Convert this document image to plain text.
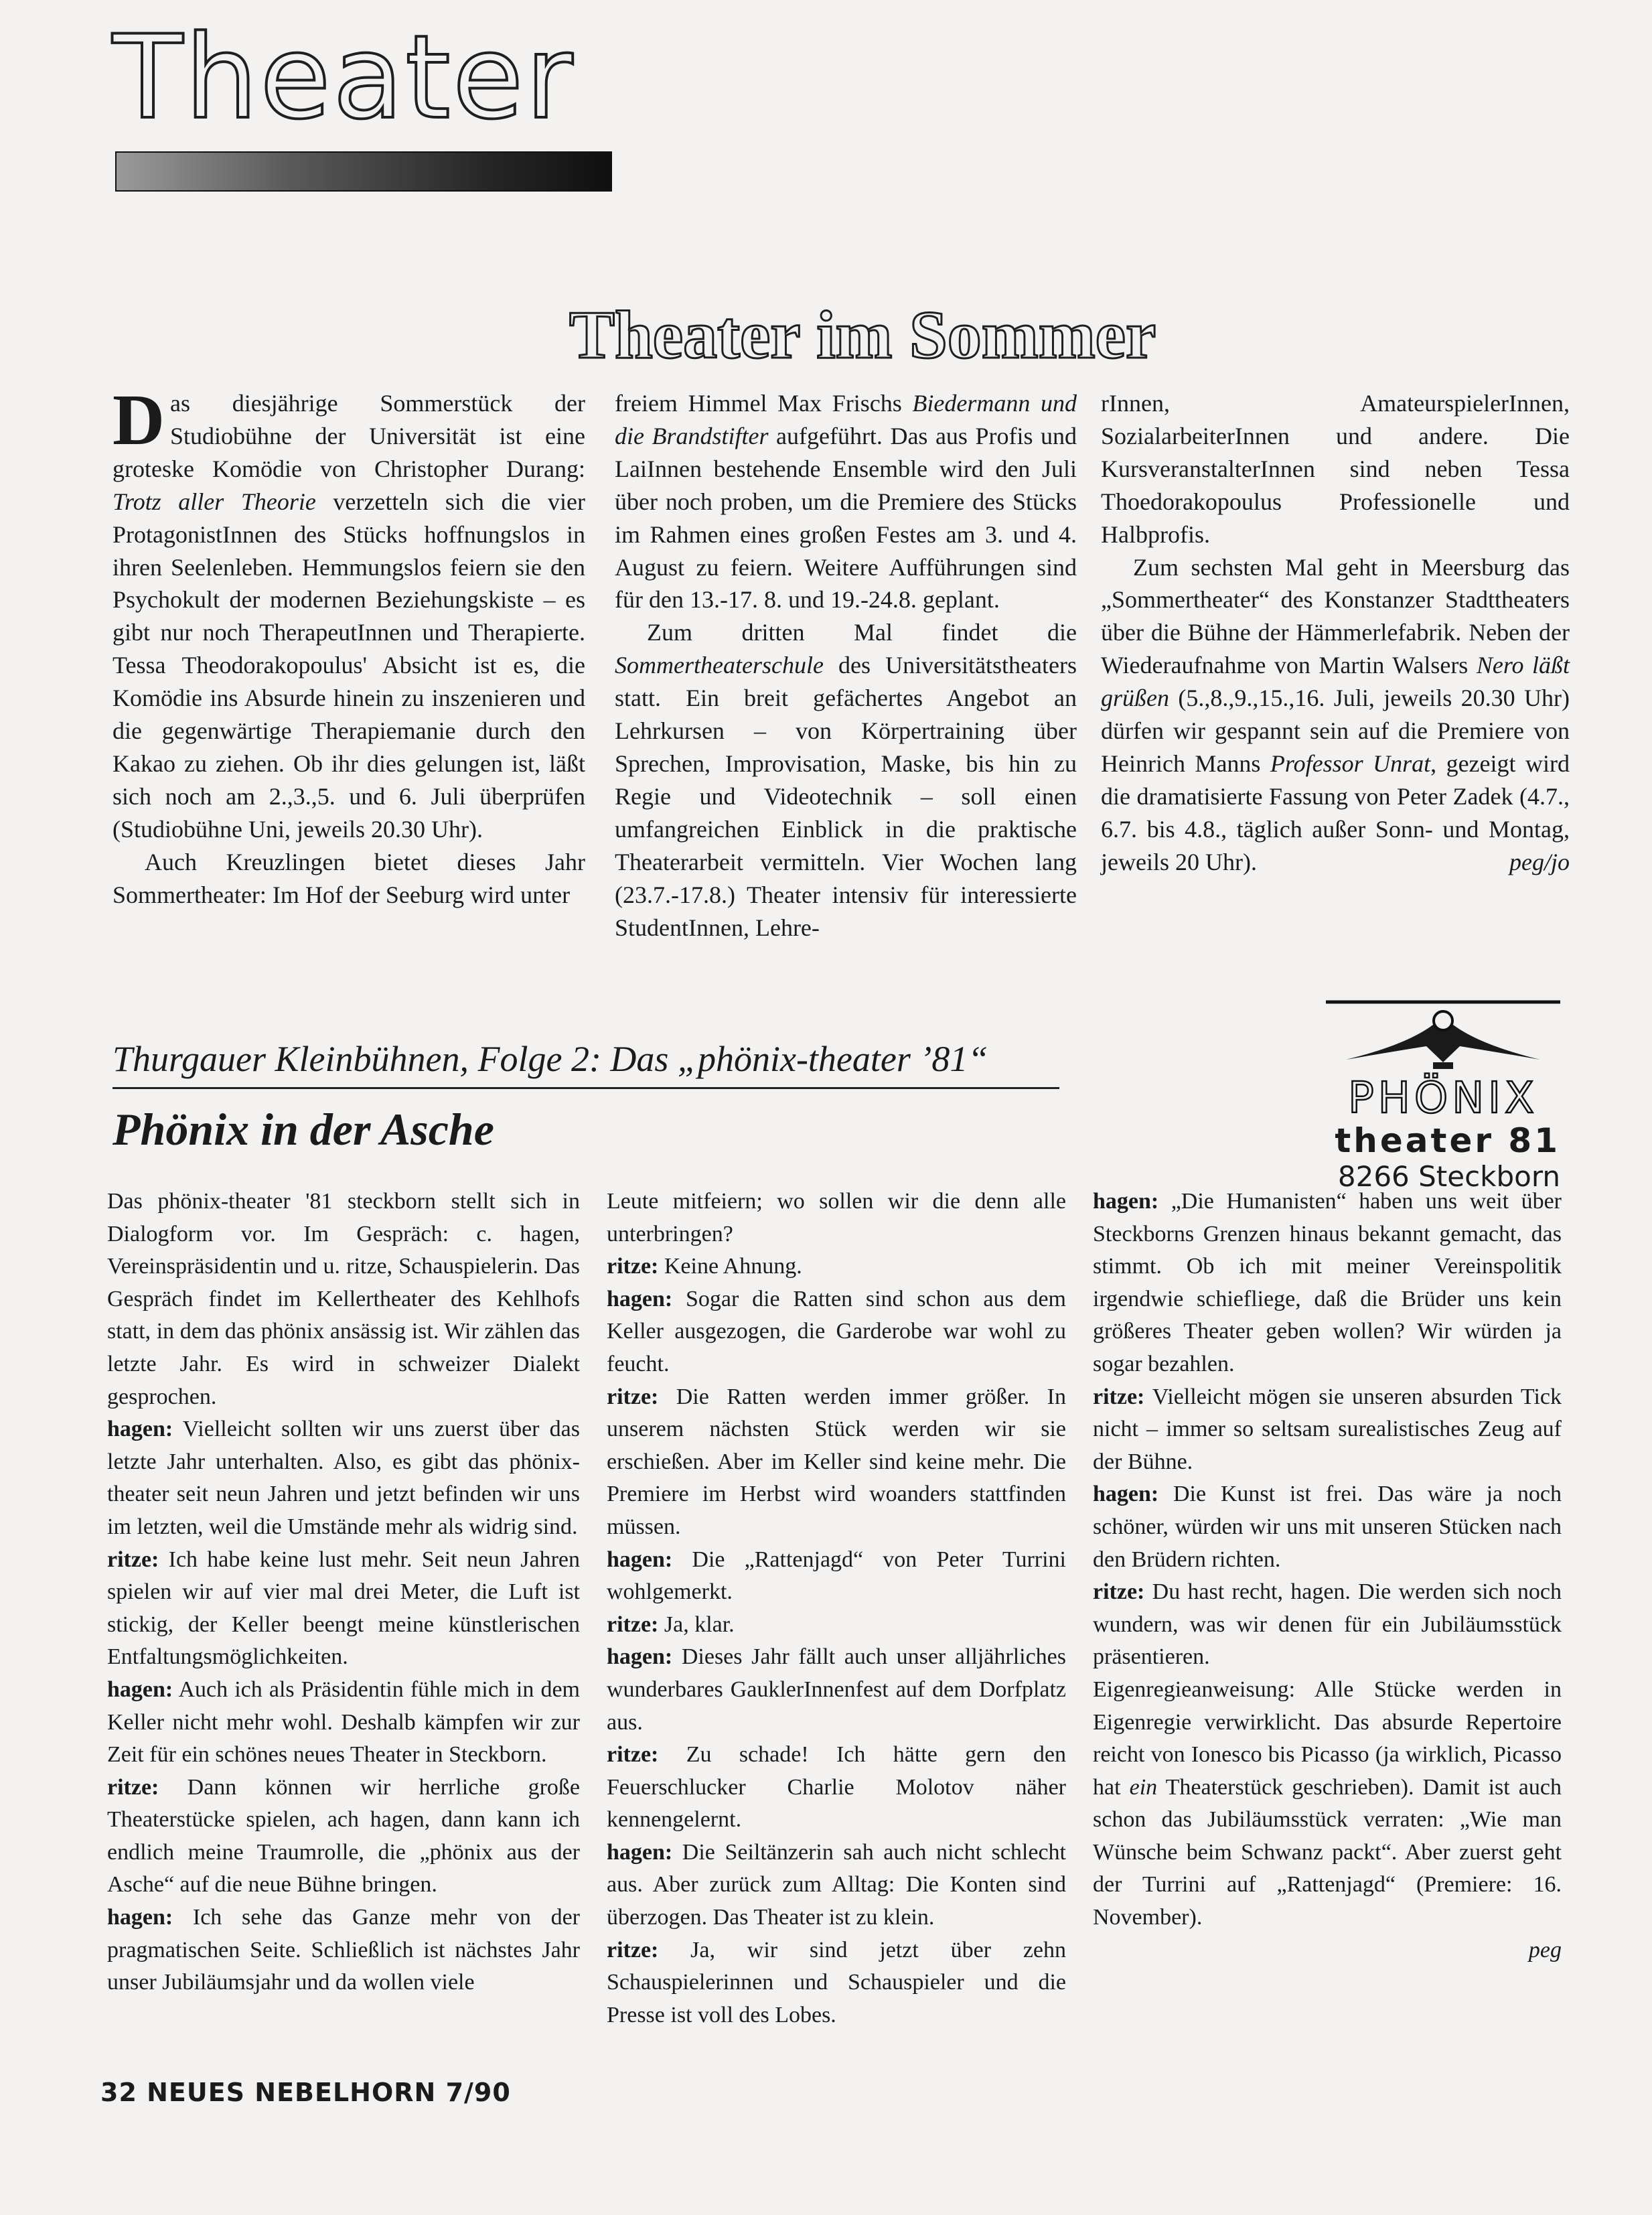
Theater
Theater im Sommer

Das diesjährige Sommerstück der Studiobühne der Universität ist eine groteske Komödie von Christopher Durang: Trotz aller Theorie verzetteln sich die vier ProtagonistInnen des Stücks hoffnungslos in ihren Seelenleben. Hemmungslos feiern sie den Psychokult der modernen Beziehungskiste – es gibt nur noch TherapeutInnen und Therapierte. Tessa Theodorakopoulus' Absicht ist es, die Komödie ins Absurde hinein zu inszenieren und die gegenwärtige Therapiemanie durch den Kakao zu ziehen. Ob ihr dies gelungen ist, läßt sich noch am 2.,3.,5. und 6. Juli überprüfen (Studiobühne Uni, jeweils 20.30 Uhr).

Auch Kreuzlingen bietet dieses Jahr Sommertheater: Im Hof der Seeburg wird unter

freiem Himmel Max Frischs Biedermann und die Brandstifter aufgeführt. Das aus Profis und LaiInnen bestehende Ensemble wird den Juli über noch proben, um die Premiere des Stücks im Rahmen eines großen Festes am 3. und 4. August zu feiern. Weitere Aufführungen sind für den 13.-17. 8. und 19.-24.8. geplant.

Zum dritten Mal findet die Sommertheaterschule des Universitätstheaters statt. Ein breit gefächertes Angebot an Lehrkursen – von Körpertraining über Sprechen, Improvisation, Maske, bis hin zu Regie und Videotechnik – soll einen umfangreichen Einblick in die praktische Theaterarbeit vermitteln. Vier Wochen lang (23.7.-17.8.) Theater intensiv für interessierte StudentInnen, Lehre-

rInnen, AmateurspielerInnen, SozialarbeiterInnen und andere. Die KursveranstalterInnen sind neben Tessa Thoedorakopoulus Professionelle und Halbprofis.

Zum sechsten Mal geht in Meersburg das „Sommertheater“ des Konstanzer Stadttheaters über die Bühne der Hämmerlefabrik. Neben der Wiederaufnahme von Martin Walsers Nero läßt grüßen (5.,8.,9.,15.,16. Juli, jeweils 20.30 Uhr) dürfen wir gespannt sein auf die Premiere von Heinrich Manns Professor Unrat, gezeigt wird die dramatisierte Fassung von Peter Zadek (4.7., 6.7. bis 4.8., täglich außer Sonn- und Montag, jeweils 20 Uhr).	peg/jo
Thurgauer Kleinbühnen, Folge 2: Das „phönix-theater ’81“
Phönix in der Asche
PHÖNIX
theater 81
8266 Steckborn

Das phönix-theater '81 steckborn stellt sich in Dialogform vor. Im Gespräch: c. hagen, Vereinspräsidentin und u. ritze, Schauspielerin. Das Gespräch findet im Kellertheater des Kehlhofs statt, in dem das phönix ansässig ist. Wir zählen das letzte Jahr. Es wird in schweizer Dialekt gesprochen.

hagen: Vielleicht sollten wir uns zuerst über das letzte Jahr unterhalten. Also, es gibt das phönix-theater seit neun Jahren und jetzt befinden wir uns im letzten, weil die Umstände mehr als widrig sind.

ritze: Ich habe keine lust mehr. Seit neun Jahren spielen wir auf vier mal drei Meter, die Luft ist stickig, der Keller beengt meine künstlerischen Entfaltungsmöglichkeiten.

hagen: Auch ich als Präsidentin fühle mich in dem Keller nicht mehr wohl. Deshalb kämpfen wir zur Zeit für ein schönes neues Theater in Steckborn.

ritze: Dann können wir herrliche große Theaterstücke spielen, ach hagen, dann kann ich endlich meine Traumrolle, die „phönix aus der Asche“ auf die neue Bühne bringen.

hagen: Ich sehe das Ganze mehr von der pragmatischen Seite. Schließlich ist nächstes Jahr unser Jubiläumsjahr und da wollen viele

Leute mitfeiern; wo sollen wir die denn alle unterbringen?

ritze: Keine Ahnung.

hagen: Sogar die Ratten sind schon aus dem Keller ausgezogen, die Garderobe war wohl zu feucht.

ritze: Die Ratten werden immer größer. In unserem nächsten Stück werden wir sie erschießen. Aber im Keller sind keine mehr. Die Premiere im Herbst wird woanders stattfinden müssen.

hagen: Die „Rattenjagd“ von Peter Turrini wohlgemerkt.

ritze: Ja, klar.

hagen: Dieses Jahr fällt auch unser alljährliches wunderbares GauklerInnenfest auf dem Dorfplatz aus.

ritze: Zu schade! Ich hätte gern den Feuerschlucker Charlie Molotov näher kennengelernt.

hagen: Die Seiltänzerin sah auch nicht schlecht aus. Aber zurück zum Alltag: Die Konten sind überzogen. Das Theater ist zu klein.

ritze: Ja, wir sind jetzt über zehn Schauspielerinnen und Schauspieler und die Presse ist voll des Lobes.

hagen: „Die Humanisten“ haben uns weit über Steckborns Grenzen hinaus bekannt gemacht, das stimmt. Ob ich mit meiner Vereinspolitik irgendwie schiefliege, daß die Brüder uns kein größeres Theater geben wollen? Wir würden ja sogar bezahlen.

ritze: Vielleicht mögen sie unseren absurden Tick nicht – immer so seltsam surealistisches Zeug auf der Bühne.

hagen: Die Kunst ist frei. Das wäre ja noch schöner, würden wir uns mit unseren Stücken nach den Brüdern richten.

ritze: Du hast recht, hagen. Die werden sich noch wundern, was wir denen für ein Jubiläumsstück präsentieren.

Eigenregieanweisung: Alle Stücke werden in Eigenregie verwirklicht. Das absurde Repertoire reicht von Ionesco bis Picasso (ja wirklich, Picasso hat ein Theaterstück geschrieben). Damit ist auch schon das Jubiläumsstück verraten: „Wie man Wünsche beim Schwanz packt“. Aber zuerst geht der Turrini auf „Rattenjagd“ (Premiere: 16. November).

peg
32 NEUES NEBELHORN 7/90
